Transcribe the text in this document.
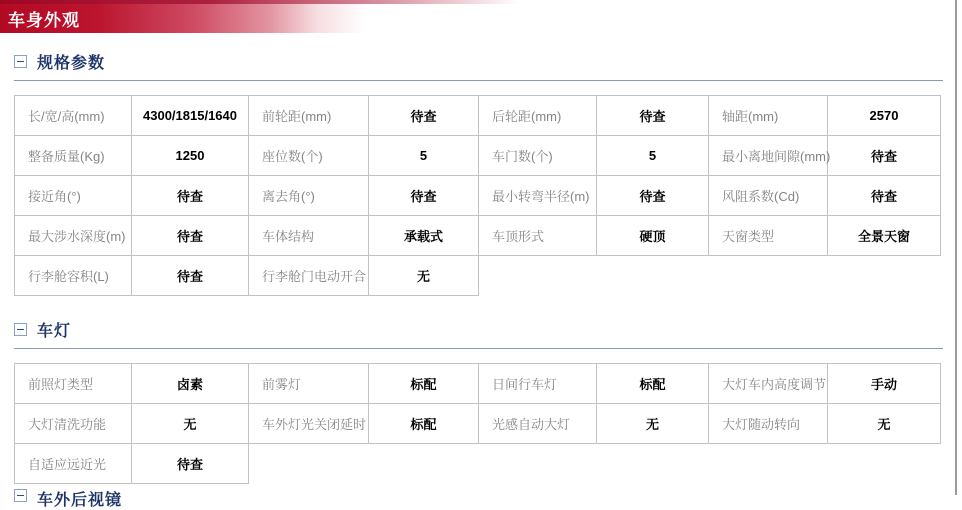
车身外观
规格参数
长/宽/高(mm)	4300/1815/1640	前轮距(mm)	待查	后轮距(mm)	待查	轴距(mm)	2570
整备质量(Kg)	1250	座位数(个)	5	车门数(个)	5	最小离地间隙(mm)	待查
接近角(°)	待查	离去角(°)	待查	最小转弯半径(m)	待查	风阻系数(Cd)	待查
最大涉水深度(m)	待查	车体结构	承载式	车顶形式	硬顶	天窗类型	全景天窗
行李舱容积(L)	待查	行李舱门电动开合	无				
车灯
前照灯类型	卤素	前雾灯	标配	日间行车灯	标配	大灯车内高度调节	手动
大灯清洗功能	无	车外灯光关闭延时	标配	光感自动大灯	无	大灯随动转向	无
自适应远近光	待查						
车外后视镜
